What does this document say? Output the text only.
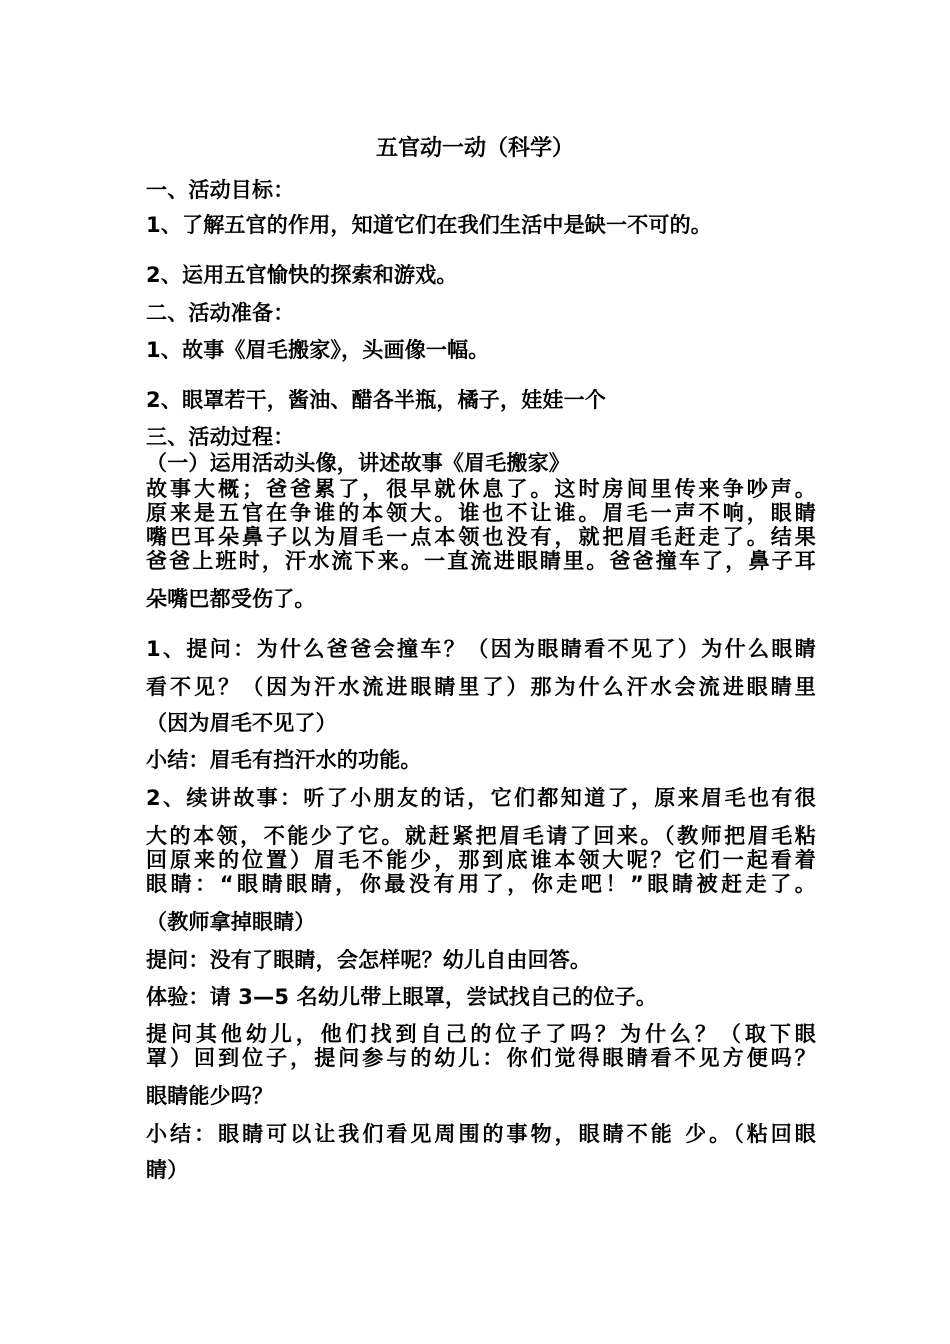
五官动一动（科学）
一、活动目标：
1、了解五官的作用，知道它们在我们生活中是缺一不可的。
2、运用五官愉快的探索和游戏。
二、活动准备：
1、故事《眉毛搬家》，头画像一幅。
2、眼罩若干，酱油、醋各半瓶，橘子，娃娃一个
三、活动过程：
（一）运用活动头像，讲述故事《眉毛搬家》
故事大概；爸爸累了，很早就休息了。这时房间里传来争吵声。
原来是五官在争谁的本领大。谁也不让谁。眉毛一声不响，眼睛
嘴巴耳朵鼻子以为眉毛一点本领也没有，就把眉毛赶走了。结果
爸爸上班时，汗水流下来。一直流进眼睛里。爸爸撞车了，鼻子耳
朵嘴巴都受伤了。
1、提问：为什么爸爸会撞车？（因为眼睛看不见了）为什么眼睛
看不见？（因为汗水流进眼睛里了）那为什么汗水会流进眼睛里
（因为眉毛不见了）
小结：眉毛有挡汗水的功能。
2、续讲故事：听了小朋友的话，它们都知道了，原来眉毛也有很
大的本领，不能少了它。就赶紧把眉毛请了回来。（教师把眉毛粘
回原来的位置）眉毛不能少，那到底谁本领大呢？它们一起看着
眼睛：“眼睛眼睛，你最没有用了，你走吧！”眼睛被赶走了。
（教师拿掉眼睛）
提问：没有了眼睛，会怎样呢？幼儿自由回答。
体验：请 3—5 名幼儿带上眼罩，尝试找自己的位子。
提问其他幼儿，他们找到自己的位子了吗？为什么？（取下眼
罩）回到位子，提问参与的幼儿：你们觉得眼睛看不见方便吗？
眼睛能少吗？
小结：眼睛可以让我们看见周围的事物，眼睛不能 少。（粘回眼
睛）
